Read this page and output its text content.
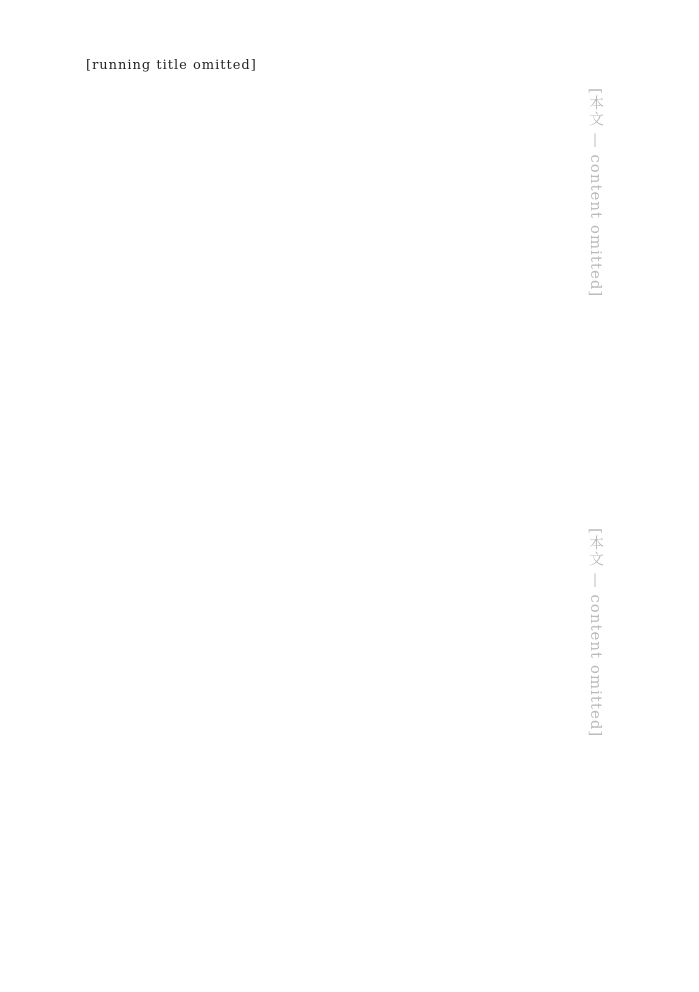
[running title omitted]

[本文 — content omitted]

[本文 — content omitted]
